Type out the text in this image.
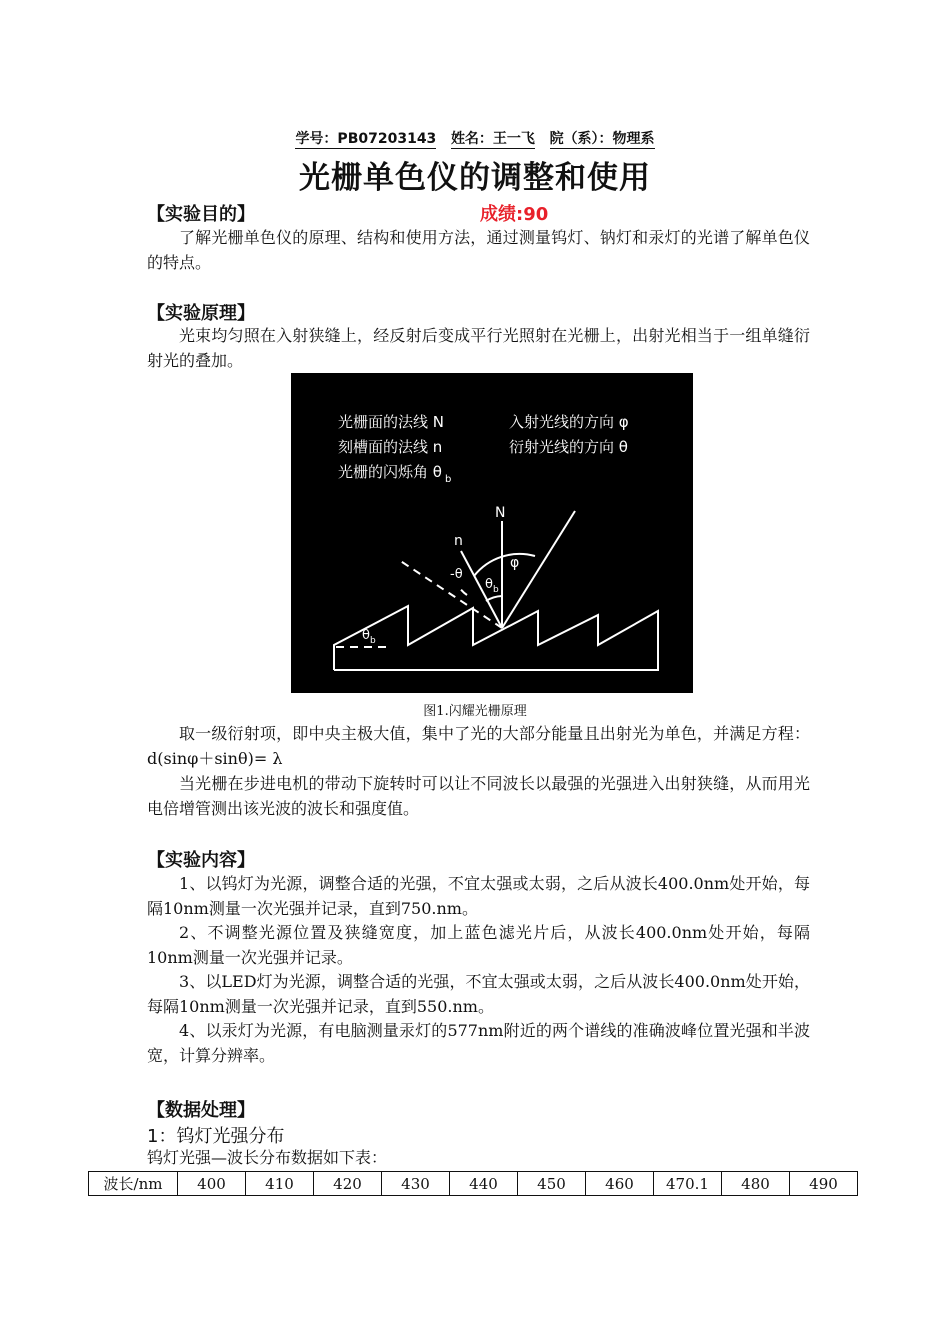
学号：PB07203143 姓名：王一飞 院（系）：物理系
光栅单色仪的调整和使用
【实验目的】	成绩:90

了解光栅单色仪的原理、结构和使用方法，通过测量钨灯、钠灯和汞灯的光谱了解单色仪的特点。

【实验原理】

光束均匀照在入射狭缝上，经反射后变成平行光照射在光栅上，出射光相当于一组单缝衍射光的叠加。

光栅面的法线 N
刻槽面的法线 n
光栅的闪烁角 θ b
入射光线的方向 φ
衍射光线的方向 θ
N
n
φ
-θ
θ b
θ b
图1.闪耀光栅原理

取一级衍射项，即中央主极大值，集中了光的大部分能量且出射光为单色，并满足方程：d(sinφ＋sinθ)= λ

当光栅在步进电机的带动下旋转时可以让不同波长以最强的光强进入出射狭缝，从而用光电倍增管测出该光波的波长和强度值。

【实验内容】

1、以钨灯为光源，调整合适的光强，不宜太强或太弱，之后从波长400.0nm处开始，每隔10nm测量一次光强并记录，直到750.nm。

2、不调整光源位置及狭缝宽度，加上蓝色滤光片后，从波长400.0nm处开始，每隔10nm测量一次光强并记录。

3、以LED灯为光源，调整合适的光强，不宜太强或太弱，之后从波长400.0nm处开始，每隔10nm测量一次光强并记录，直到550.nm。

4、以汞灯为光源，有电脑测量汞灯的577nm附近的两个谱线的准确波峰位置光强和半波宽，计算分辨率。

【数据处理】
1：钨灯光强分布
钨灯光强—波长分布数据如下表：
波长/nm	400	410	420	430	440	450	460	470.1	480	490
